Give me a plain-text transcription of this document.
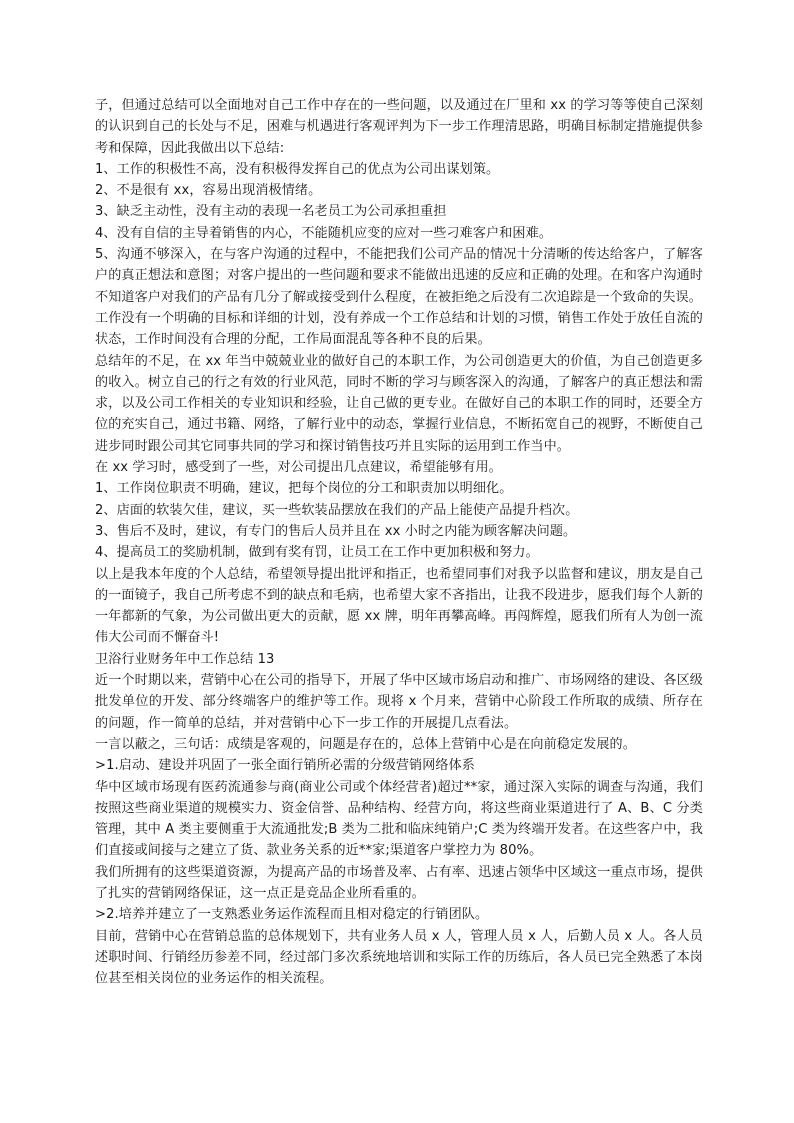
子，但通过总结可以全面地对自己工作中存在的一些问题，以及通过在厂里和 xx 的学习等等使自己深刻的认识到自己的长处与不足，困难与机遇进行客观评判为下一步工作理清思路，明确目标制定措施提供参考和保障，因此我做出以下总结:

1、工作的积极性不高，没有积极得发挥自己的优点为公司出谋划策。

2、不是很有 xx，容易出现消极情绪。

3、缺乏主动性，没有主动的表现一名老员工为公司承担重担

4、没有自信的主导着销售的内心，不能随机应变的应对一些刁难客户和困难。

5、沟通不够深入，在与客户沟通的过程中，不能把我们公司产品的情况十分清晰的传达给客户，了解客户的真正想法和意图；对客户提出的一些问题和要求不能做出迅速的反应和正确的处理。在和客户沟通时不知道客户对我们的产品有几分了解或接受到什么程度，在被拒绝之后没有二次追踪是一个致命的失误。

工作没有一个明确的目标和详细的计划，没有养成一个工作总结和计划的习惯，销售工作处于放任自流的状态，工作时间没有合理的分配，工作局面混乱等各种不良的后果。

总结年的不足，在 xx 年当中兢兢业业的做好自己的本职工作，为公司创造更大的价值，为自己创造更多的收入。树立自己的行之有效的行业风范，同时不断的学习与顾客深入的沟通，了解客户的真正想法和需求，以及公司工作相关的专业知识和经验，让自己做的更专业。在做好自己的本职工作的同时，还要全方位的充实自己，通过书籍、网络，了解行业中的动态，掌握行业信息，不断拓宽自己的视野，不断使自己进步同时跟公司其它同事共同的学习和探讨销售技巧并且实际的运用到工作当中。

在 xx 学习时，感受到了一些，对公司提出几点建议，希望能够有用。

1、工作岗位职责不明确，建议，把每个岗位的分工和职责加以明细化。

2、店面的软装欠佳，建议，买一些软装品摆放在我们的产品上能使产品提升档次。

3、售后不及时，建议，有专门的售后人员并且在 xx 小时之内能为顾客解决问题。

4、提高员工的奖励机制，做到有奖有罚，让员工在工作中更加积极和努力。

以上是我本年度的个人总结，希望领导提出批评和指正，也希望同事们对我予以监督和建议，朋友是自己的一面镜子，我自己所考虑不到的缺点和毛病，也希望大家不吝指出，让我不段进步，愿我们每个人新的一年都新的气象，为公司做出更大的贡献，愿 xx 牌，明年再攀高峰。再闯辉煌，愿我们所有人为创一流伟大公司而不懈奋斗!

卫浴行业财务年中工作总结 13

近一个时期以来，营销中心在公司的指导下，开展了华中区域市场启动和推广、市场网络的建设、各区级批发单位的开发、部分终端客户的维护等工作。现将 x 个月来，营销中心阶段工作所取的成绩、所存在的问题，作一简单的总结，并对营销中心下一步工作的开展提几点看法。

一言以蔽之，三句话：成绩是客观的，问题是存在的，总体上营销中心是在向前稳定发展的。

>1.启动、建设并巩固了一张全面行销所必需的分级营销网络体系

华中区域市场现有医药流通参与商(商业公司或个体经营者)超过**家，通过深入实际的调查与沟通，我们按照这些商业渠道的规模实力、资金信誉、品种结构、经营方向，将这些商业渠道进行了 A、B、C 分类管理，其中 A 类主要侧重于大流通批发;B 类为二批和临床纯销户;C 类为终端开发者。在这些客户中，我们直接或间接与之建立了货、款业务关系的近**家;渠道客户掌控力为 80%。

我们所拥有的这些渠道资源，为提高产品的市场普及率、占有率、迅速占领华中区域这一重点市场，提供了扎实的营销网络保证，这一点正是竞品企业所看重的。

>2.培养并建立了一支熟悉业务运作流程而且相对稳定的行销团队。

目前，营销中心在营销总监的总体规划下，共有业务人员 x 人，管理人员 x 人，后勤人员 x 人。各人员述职时间、行销经历参差不同，经过部门多次系统地培训和实际工作的历练后，各人员已完全熟悉了本岗位甚至相关岗位的业务运作的相关流程。
